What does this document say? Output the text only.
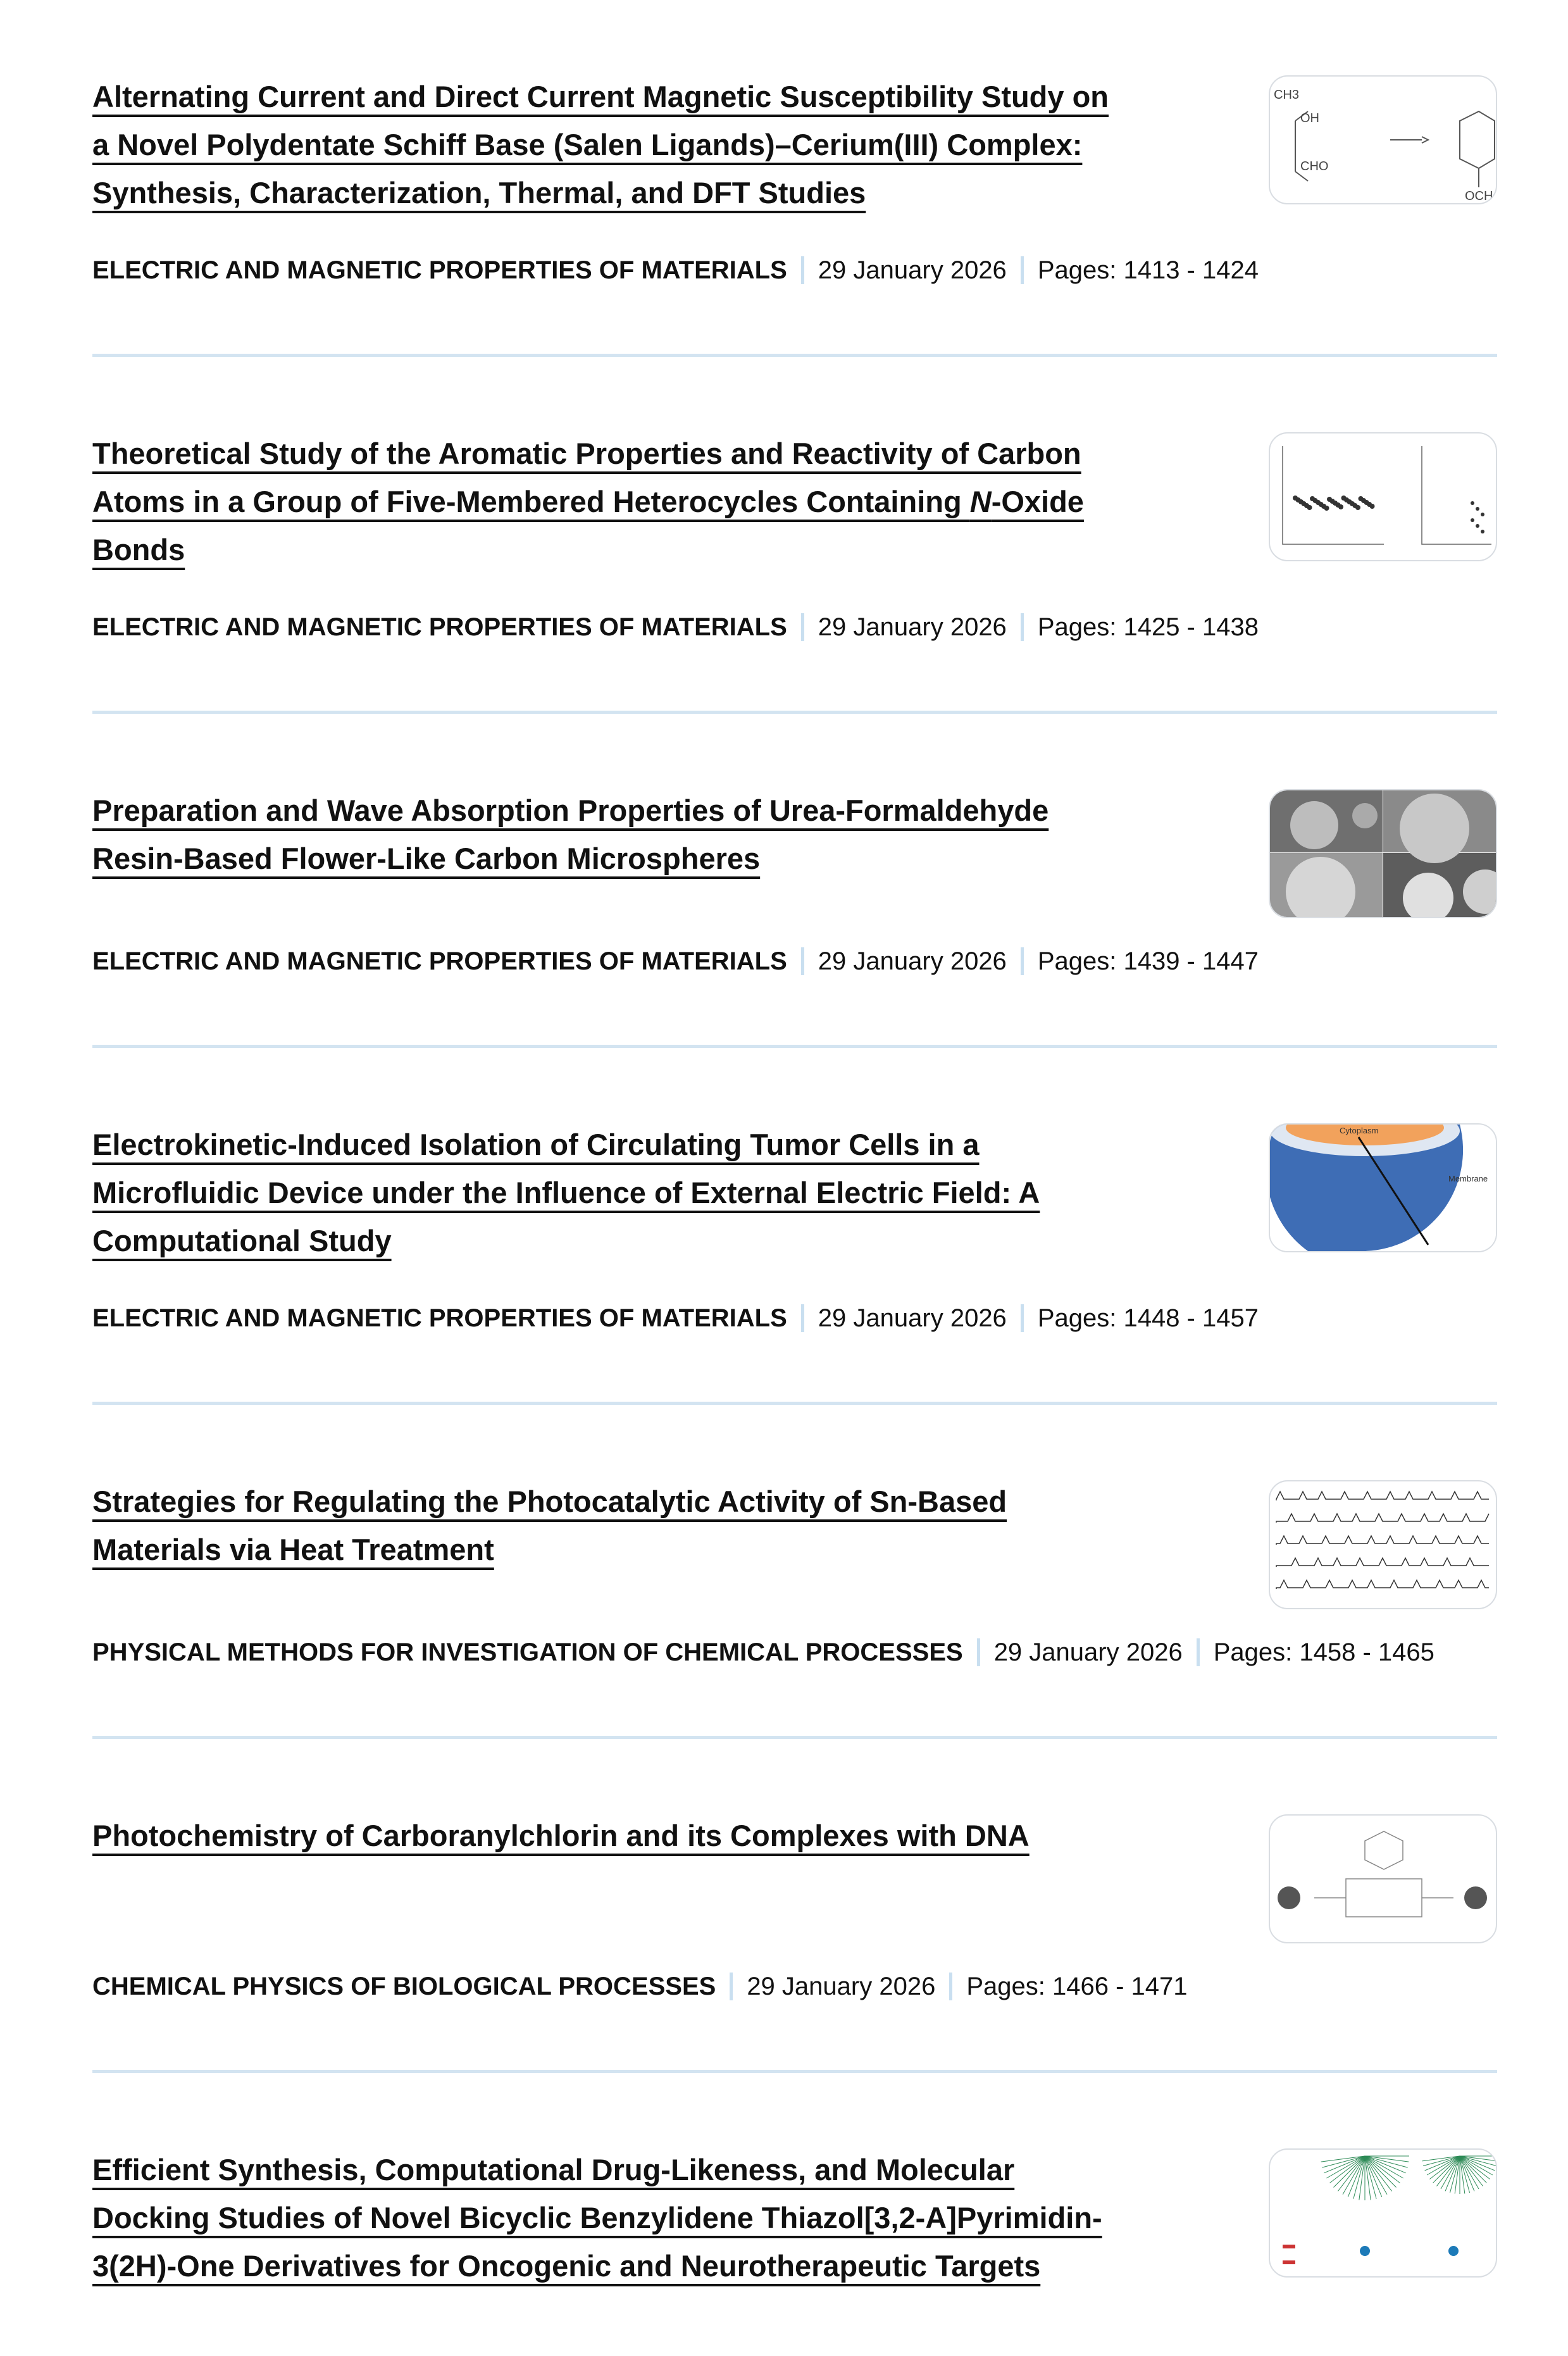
Alternating Current and Direct Current Magnetic Susceptibility Study on
a Novel Polydentate Schiff Base (Salen Ligands)–Cerium(III) Complex:
Synthesis, Characterization, Thermal, and DFT Studies
CH3
OH
CHO
OCH
ELECTRIC AND MAGNETIC PROPERTIES OF MATERIALS 29 January 2026 Pages: 1413 - 1424
Theoretical Study of the Aromatic Properties and Reactivity of Carbon
Atoms in a Group of Five-Membered Heterocycles Containing N-Oxide
Bonds
ELECTRIC AND MAGNETIC PROPERTIES OF MATERIALS 29 January 2026 Pages: 1425 - 1438
Preparation and Wave Absorption Properties of Urea-Formaldehyde
Resin-Based Flower-Like Carbon Microspheres
ELECTRIC AND MAGNETIC PROPERTIES OF MATERIALS 29 January 2026 Pages: 1439 - 1447
Electrokinetic-Induced Isolation of Circulating Tumor Cells in a
Microfluidic Device under the Influence of External Electric Field: A
Computational Study
Cytoplasm
Membrane
ELECTRIC AND MAGNETIC PROPERTIES OF MATERIALS 29 January 2026 Pages: 1448 - 1457
Strategies for Regulating the Photocatalytic Activity of Sn-Based
Materials via Heat Treatment
PHYSICAL METHODS FOR INVESTIGATION OF CHEMICAL PROCESSES 29 January 2026 Pages: 1458 - 1465
Photochemistry of Carboranylchlorin and its Complexes with DNA
CHEMICAL PHYSICS OF BIOLOGICAL PROCESSES 29 January 2026 Pages: 1466 - 1471
Efficient Synthesis, Computational Drug-Likeness, and Molecular
Docking Studies of Novel Bicyclic Benzylidene Thiazol[3,2-A]Pyrimidin-
3(2H)-One Derivatives for Oncogenic and Neurotherapeutic Targets
